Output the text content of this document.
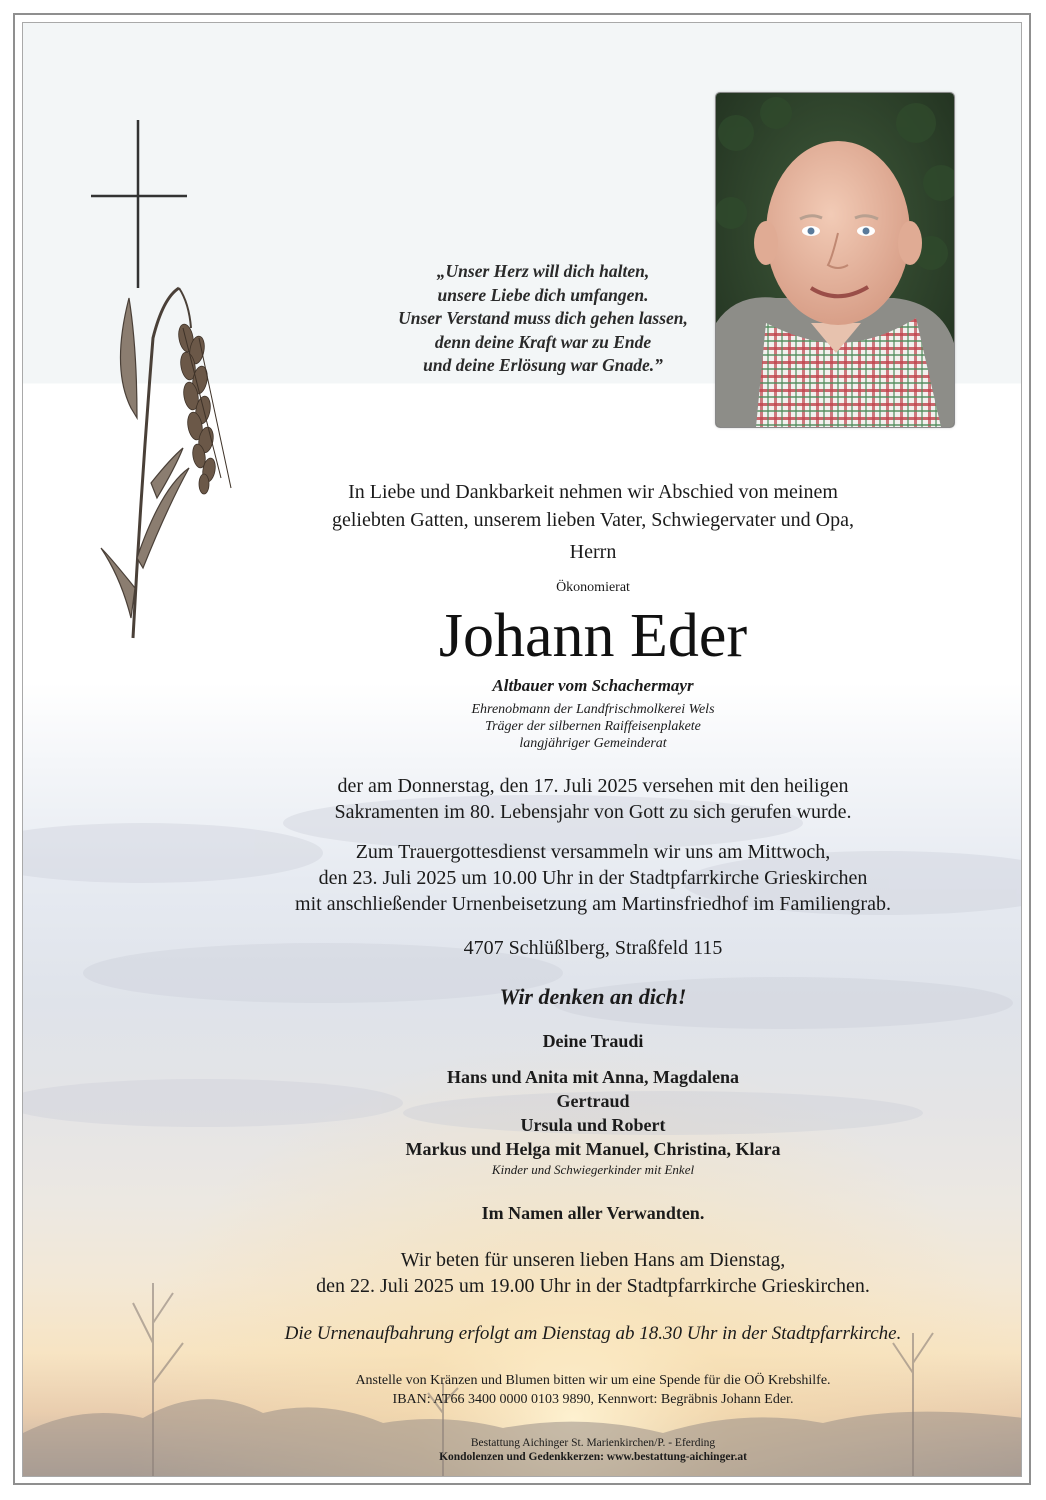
„Unser Herz will dich halten,
unsere Liebe dich umfangen.
Unser Verstand muss dich gehen lassen,
denn deine Kraft war zu Ende
und deine Erlösung war Gnade.”
In Liebe und Dankbarkeit nehmen wir Abschied von meinem
geliebten Gatten, unserem lieben Vater, Schwiegervater und Opa,
Herrn
Ökonomierat
Johann Eder
Altbauer vom Schachermayr
Ehrenobmann der Landfrischmolkerei Wels
Träger der silbernen Raiffeisenplakete
langjähriger Gemeinderat
der am Donnerstag, den 17. Juli 2025 versehen mit den heiligen
Sakramenten im 80. Lebensjahr von Gott zu sich gerufen wurde.
Zum Trauergottesdienst versammeln wir uns am Mittwoch,
den 23. Juli 2025 um 10.00 Uhr in der Stadtpfarrkirche Grieskirchen
mit anschließender Urnenbeisetzung am Martinsfriedhof im Familiengrab.
4707 Schlüßlberg, Straßfeld 115
Wir denken an dich!
Deine Traudi
Hans und Anita mit Anna, Magdalena
Gertraud
Ursula und Robert
Markus und Helga mit Manuel, Christina, Klara
Kinder und Schwiegerkinder mit Enkel
Im Namen aller Verwandten.
Wir beten für unseren lieben Hans am Dienstag,
den 22. Juli 2025 um 19.00 Uhr in der Stadtpfarrkirche Grieskirchen.
Die Urnenaufbahrung erfolgt am Dienstag ab 18.30 Uhr in der Stadtpfarrkirche.
Anstelle von Kränzen und Blumen bitten wir um eine Spende für die OÖ Krebshilfe.
IBAN: AT66 3400 0000 0103 9890, Kennwort: Begräbnis Johann Eder.
Bestattung Aichinger St. Marienkirchen/P. - Eferding
Kondolenzen und Gedenkkerzen: www.bestattung-aichinger.at
